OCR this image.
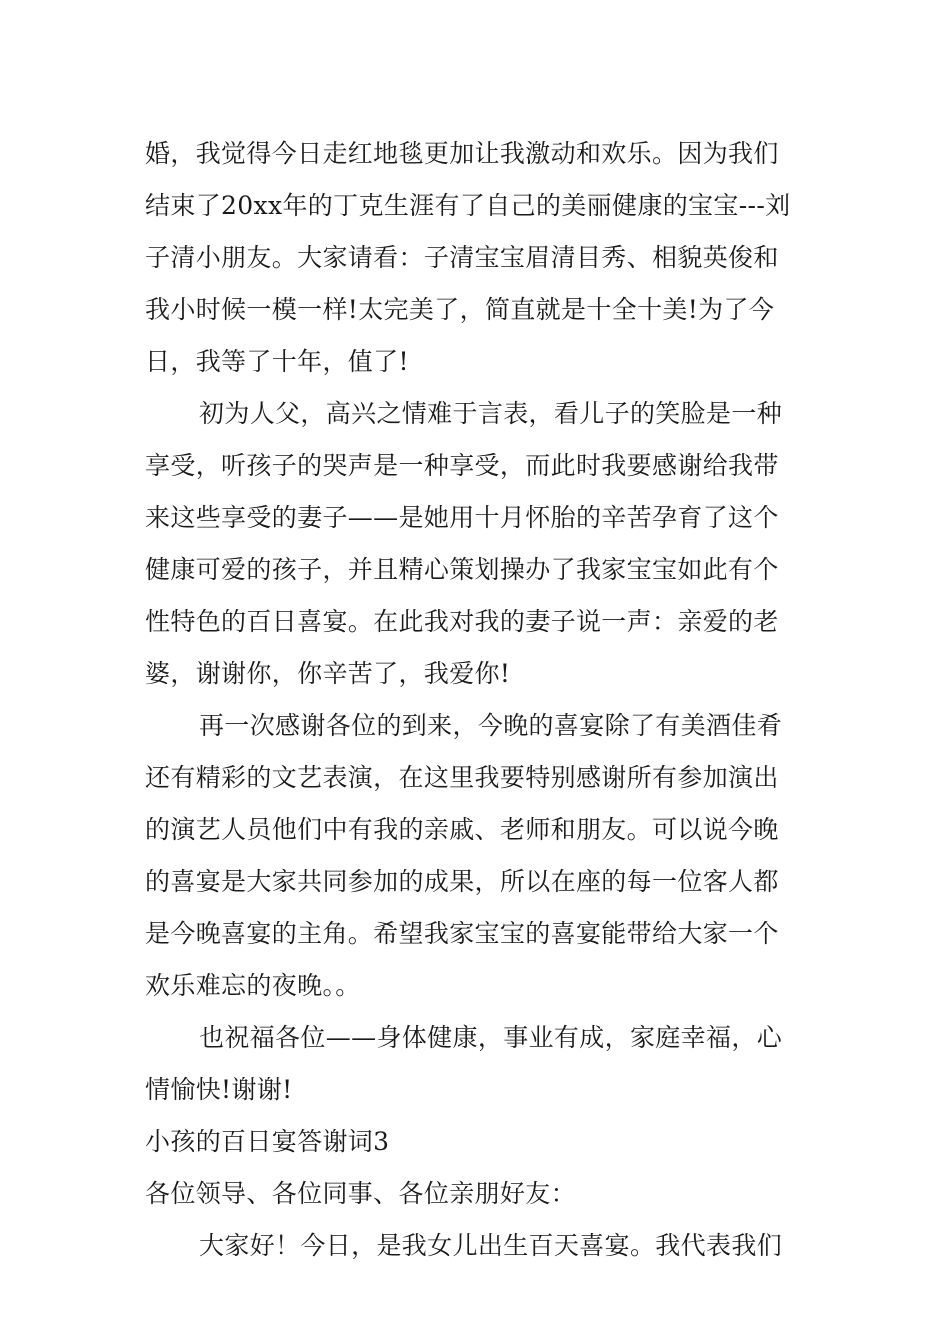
婚，我觉得今日走红地毯更加让我激动和欢乐。因为我们
结束了20xx年的丁克生涯有了自己的美丽健康的宝宝---刘
子清小朋友。大家请看：子清宝宝眉清目秀、相貌英俊和
我小时候一模一样!太完美了，简直就是十全十美!为了今
日，我等了十年，值了!
初为人父，高兴之情难于言表，看儿子的笑脸是一种
享受，听孩子的哭声是一种享受，而此时我要感谢给我带
来这些享受的妻子——是她用十月怀胎的辛苦孕育了这个
健康可爱的孩子，并且精心策划操办了我家宝宝如此有个
性特色的百日喜宴。在此我对我的妻子说一声：亲爱的老
婆，谢谢你，你辛苦了，我爱你!
再一次感谢各位的到来，今晚的喜宴除了有美酒佳肴
还有精彩的文艺表演，在这里我要特别感谢所有参加演出
的演艺人员他们中有我的亲戚、老师和朋友。可以说今晚
的喜宴是大家共同参加的成果，所以在座的每一位客人都
是今晚喜宴的主角。希望我家宝宝的喜宴能带给大家一个
欢乐难忘的夜晚。。
也祝福各位——身体健康，事业有成，家庭幸福，心
情愉快!谢谢!
小孩的百日宴答谢词3
各位领导、各位同事、各位亲朋好友：
大家好！今日，是我女儿出生百天喜宴。我代表我们
